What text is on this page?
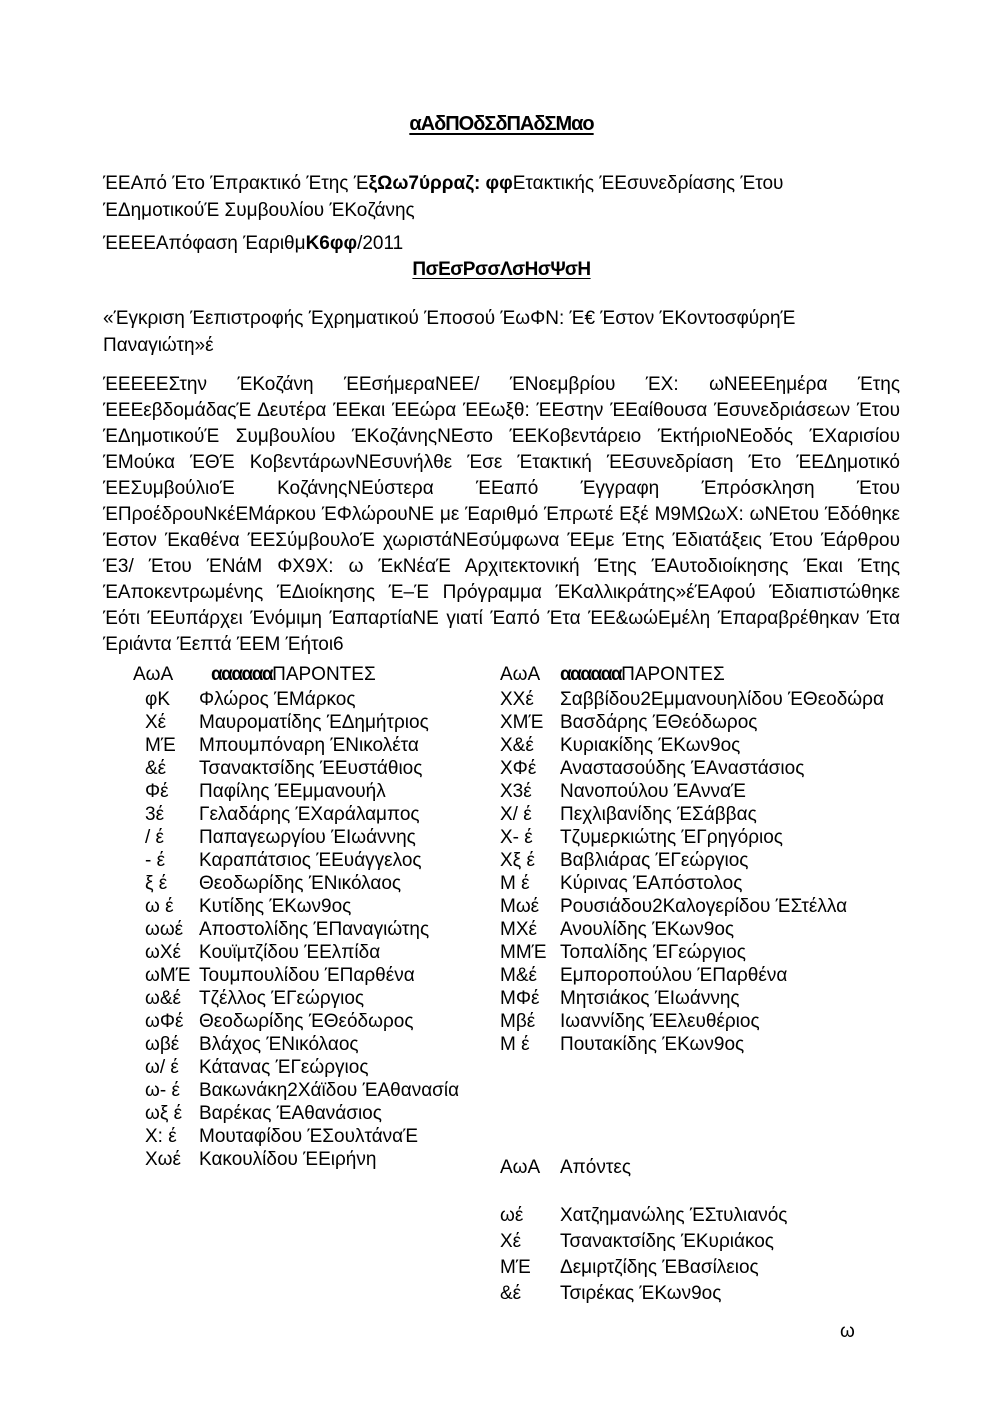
αΑδΠΟδΣδΠΑδΣΜαο

ΈΕΑπό Έτο Έπρακτικό Έτης ΈξΩω7ύρραζ: φφΕτακτικής ΈΕσυνεδρίασης Έτου ΈΔημοτικούΈ Συμβουλίου ΈΚοζάνης

ΈΕΕΕΑπόφαση ΈαριθμΚ6φφ/2011

ΠσΕσΡσσΛσΗσΨσΗ

«Έγκριση Έεπιστροφής Έχρηματικού Έποσού ΈωΦΝ: Έ€ Έστον ΈΚοντοσφύρηΈ Παναγιώτη»έ

ΈΕΕΕΕΣτην ΈΚοζάνη ΈΕσήμεραΝΕΕ/ ΈΝοεμβρίου ΈΧ: ωΝΕΕΕημέρα Έτης ΈΕΕεβδομάδαςΈ Δευτέρα ΈΕκαι ΈΕώρα ΈΕωξθ: ΈΕστην ΈΕαίθουσα Έσυνεδριάσεων Έτου ΈΔημοτικούΈ Συμβουλίου ΈΚοζάνηςΝΕστο ΈΕΚοβεντάρειο ΈκτήριοΝΕοδός ΈΧαρισίου ΈΜούκα ΈΘΈ ΚοβεντάρωνΝΕσυνήλθε Έσε Έτακτική ΈΕσυνεδρίαση Έτο ΈΕΔημοτικό ΈΕΣυμβούλιοΈ ΚοζάνηςΝΕύστερα ΈΕαπό Έγγραφη Έπρόσκληση Έτου ΈΠροέδρουΝκέΕΜάρκου ΈΦλώρουΝΕ με Έαριθμό Έπρωτέ Εξέ Μ9ΜΩωΧ: ωΝΕτου Έδόθηκε Έστον Έκαθένα ΈΕΣύμβουλοΈ χωριστάΝΕσύμφωνα ΈΕμε Έτης Έδιατάξεις Έτου Έάρθρου Έ3/ Έτου ΈΝάΜ ΦΧ9Χ: ω ΈκΝέαΈ Αρχιτεκτονική Έτης ΈΑυτοδιοίκησης Έκαι Έτης ΈΑποκεντρωμένης ΈΔιοίκησης Έ–Έ Πρόγραμμα ΈΚαλλικράτης»έΈΑφού Έδιαπιστώθηκε Έότι ΈΕυπάρχει Ένόμιμη ΈαπαρτίαΝΕ γιατί Έαπό Έτα ΈΕ&ωώΕμέλη Έπαραβρέθηκαν Έτα Έριάντα Έεπτά ΈΕΜ Έήτοι6

ΑωΑ	ααααααΠΑΡΟΝΤΕΣ
φΚ	Φλώρος ΈΜάρκος
Χέ	Μαυροματίδης ΈΔημήτριος
ΜΈ	Μπουμπόναρη ΈΝικολέτα
&έ	Τσανακτσίδης ΈΕυστάθιος
Φέ	Παφίλης ΈΕμμανουήλ
3έ	Γελαδάρης ΈΧαράλαμπος
/ έ	Παπαγεωργίου ΈΙωάννης
- έ	Καραπάτσιος ΈΕυάγγελος
ξ έ	Θεοδωρίδης ΈΝικόλαος
ω έ	Κυτίδης ΈΚων9ος
ωωέ Αποστολίδης ΈΠαναγιώτης
ωΧέ Κουϊμτζίδου ΈΕλπίδα
ωΜΈ Τουμπουλίδου ΈΠαρθένα
ω&έ Τζέλλος ΈΓεώργιος
ωΦέ Θεοδωρίδης ΈΘεόδωρος
ωβέ	Βλάχος ΈΝικόλαος
ω/ έ	Κάτανας ΈΓεώργιος
ω- έ	Βακωνάκη2Χάϊδου ΈΑθανασία
ωξ έ Βαρέκας ΈΑθανάσιος
Χ: έ	Μουταφίδου ΈΣουλτάναΈ
Χωέ Κακουλίδου ΈΕιρήνη
ΑωΑ	ααααααΠΑΡΟΝΤΕΣ
ΧΧέ	Σαββίδου2Εμμανουηλίδου ΈΘεοδώρα
ΧΜΈ Βασδάρης ΈΘεόδωρος
Χ&έ	Κυριακίδης ΈΚων9ος
ΧΦέ	Αναστασούδης ΈΑναστάσιος
Χ3έ	Νανοπούλου ΈΑνναΈ
Χ/ έ	Πεχλιβανίδης ΈΣάββας
Χ- έ	Τζυμερκιώτης ΈΓρηγόριος
Χξ έ	Βαβλιάρας ΈΓεώργιος
Μ έ	Κύρινας ΈΑπόστολος
Μωέ	Ρουσιάδου2Καλογερίδου ΈΣτέλλα
ΜΧέ	Ανουλίδης ΈΚων9ος
ΜΜΈ Τοπαλίδης ΈΓεώργιος
Μ&έ	Εμποροπούλου ΈΠαρθένα
ΜΦέ	Μητσιάκος ΈΙωάννης
Μβέ	Ιωαννίδης ΈΕλευθέριος
Μ έ	Πουτακίδης ΈΚων9ος
ΑωΑ	Απόντες
ωέ	Χατζημανώλης ΈΣτυλιανός
Χέ	Τσανακτσίδης ΈΚυριάκος
ΜΈ	Δεμιρτζίδης ΈΒασίλειος
&έ	Τσιρέκας ΈΚων9ος
ω
